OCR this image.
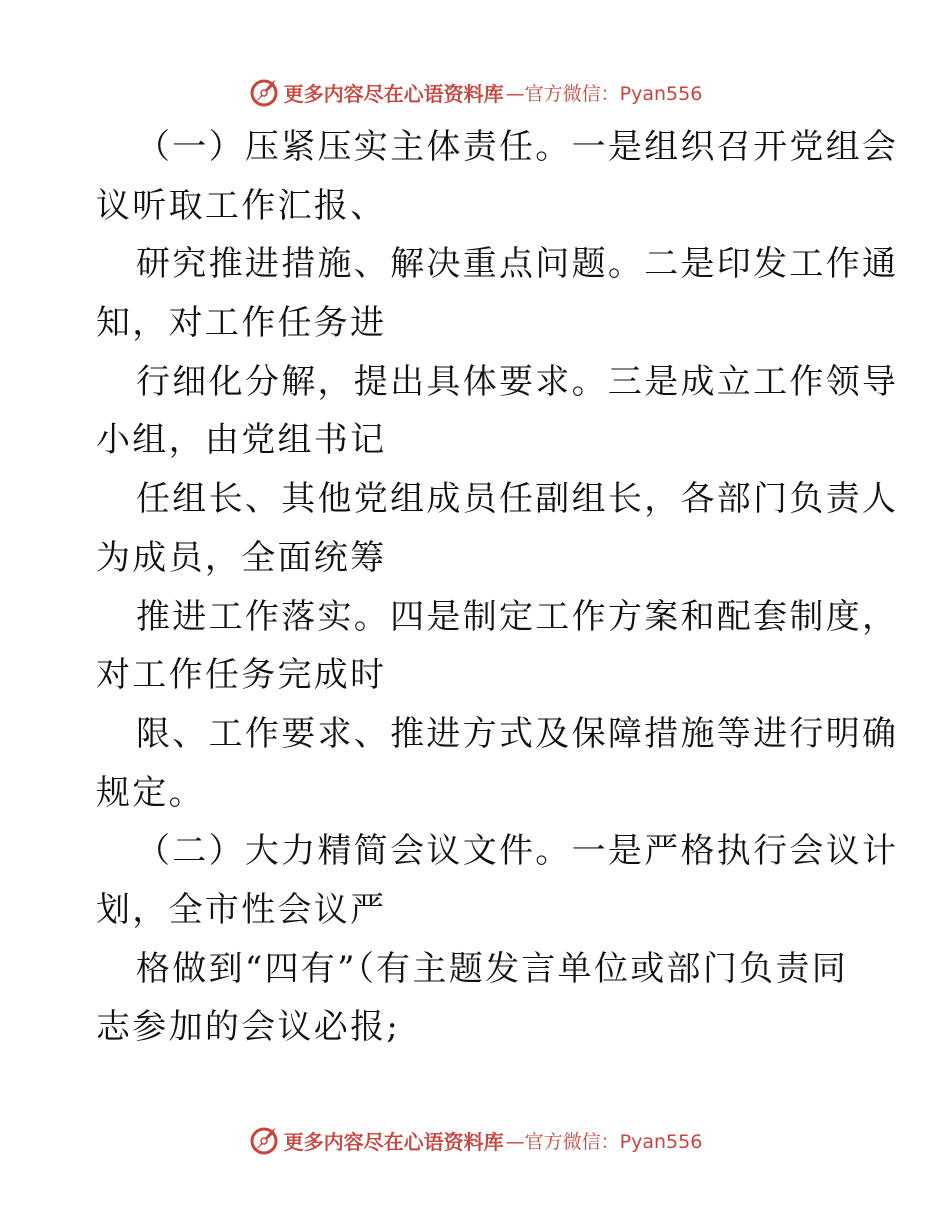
更多内容尽在心语资料库 —官方微信：Pyan556
（一）压紧压实主体责任。一是组织召开党组会
议听取工作汇报、
研究推进措施、解决重点问题。二是印发工作通
知，对工作任务进
行细化分解，提出具体要求。三是成立工作领导
小组，由党组书记
任组长、其他党组成员任副组长，各部门负责人
为成员，全面统筹
推进工作落实。四是制定工作方案和配套制度，
对工作任务完成时
限、工作要求、推进方式及保障措施等进行明确
规定。
（二）大力精简会议文件。一是严格执行会议计
划，全市性会议严
格做到“四有”（有主题发言单位或部门负责同
志参加的会议必报;
更多内容尽在心语资料库 —官方微信：Pyan556
